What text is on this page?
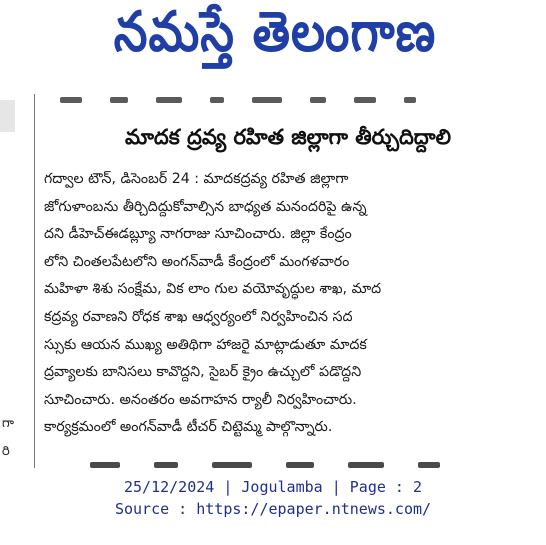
నమస్తే తెలంగాణ
గా
రి
మాదక ద్రవ్య రహిత జిల్లాగా తీర్చుదిద్దాలి
గద్వాల టౌన్, డిసెంబర్ 24 : మాదకద్రవ్య రహిత జిల్లాగా
జోగుళాంబను తీర్చిదిద్దుకోవాల్సిన బాధ్యత మనందరిపై ఉన్న
దని డీహెచ్‌ఈడబ్ల్యూ నాగరాజు సూచించారు. జిల్లా కేంద్రం
లోని చింతలపేటలోని అంగన్‌వాడీ కేంద్రంలో మంగళవారం
మహిళా శిశు సంక్షేమ, విక లాం గుల వయోవృద్ధుల శాఖ, మాద
కద్రవ్య రవాణని రోధక శాఖ ఆధ్వర్యంలో నిర్వహించిన సద
స్సుకు ఆయన ముఖ్య అతిథిగా హాజరై మాట్లాడుతూ మాదక
ద్రవ్యాలకు బానిసలు కావొద్దని, సైబర్ క్రైం ఉచ్చులో పడొద్దని
సూచించారు. అనంతరం అవగాహన ర్యాలీ నిర్వహించారు.
కార్యక్రమంలో అంగన్‌వాడీ టీచర్ చిట్టెమ్మ పాల్గొన్నారు.
25/12/2024 | Jogulamba | Page : 2
Source : https://epaper.ntnews.com/
